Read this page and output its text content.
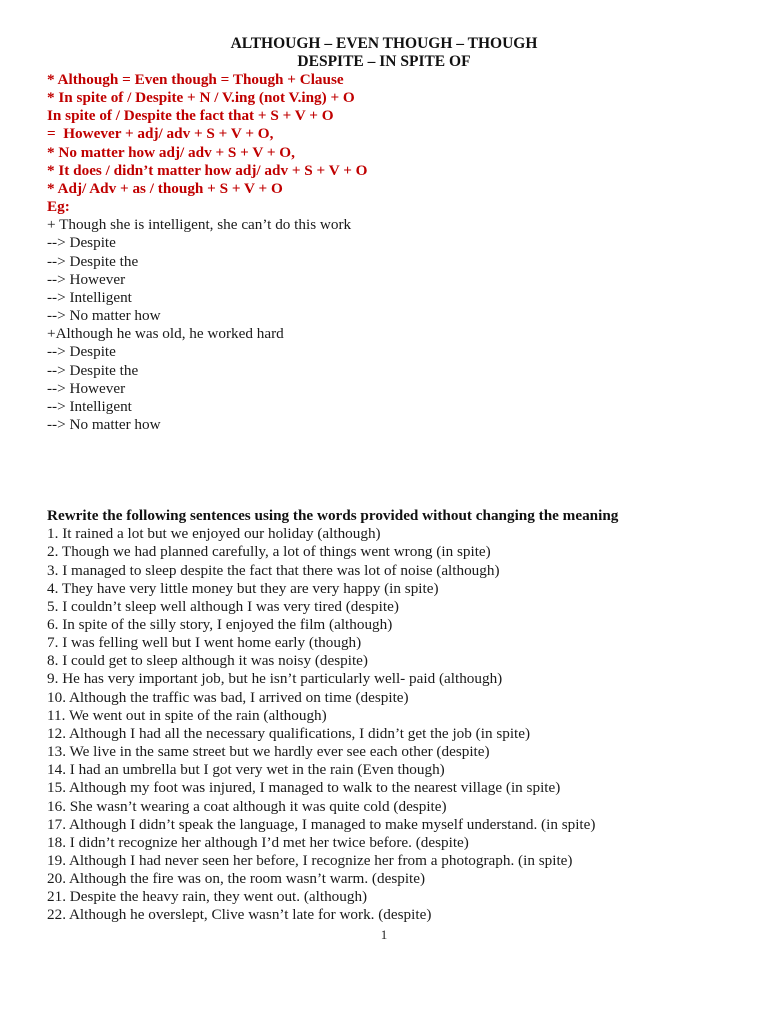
ALTHOUGH – EVEN THOUGH – THOUGH
DESPITE – IN SPITE OF
* Although = Even though = Though + Clause
* In spite of / Despite + N / V.ing (not V.ing) + O
In spite of / Despite the fact that + S + V + O
=  However + adj/ adv + S + V + O,
* No matter how adj/ adv + S + V + O,
* It does / didn’t matter how adj/ adv + S + V + O
* Adj/ Adv + as / though + S + V + O
Eg:
+ Though she is intelligent, she can’t do this work
--> Despite
--> Despite the
--> However
--> Intelligent
--> No matter how
+Although he was old, he worked hard
--> Despite
--> Despite the
--> However
--> Intelligent
--> No matter how
Rewrite the following sentences using the words provided without changing the meaning
1. It rained a lot but we enjoyed our holiday (although)
2. Though we had planned carefully, a lot of things went wrong (in spite)
3. I managed to sleep despite the fact that there was lot of noise (although)
4. They have very little money but they are very happy (in spite)
5. I couldn’t sleep well although I was very tired (despite)
6. In spite of the silly story, I enjoyed the film (although)
7. I was felling well but I went home early (though)
8. I could get to sleep although it was noisy (despite)
9. He has very important job, but he isn’t particularly well- paid (although)
10. Although the traffic was bad, I arrived on time (despite)
11. We went out in spite of the rain (although)
12. Although I had all the necessary qualifications, I didn’t get the job (in spite)
13. We live in the same street but we hardly ever see each other (despite)
14. I had an umbrella but I got very wet in the rain (Even though)
15. Although my foot was injured, I managed to walk to the nearest village (in spite)
16. She wasn’t wearing a coat although it was quite cold (despite)
17. Although I didn’t speak the language, I managed to make myself understand. (in spite)
18. I didn’t recognize her although I’d met her twice before. (despite)
19. Although I had never seen her before, I recognize her from a photograph. (in spite)
20. Although the fire was on, the room wasn’t warm. (despite)
21. Despite the heavy rain, they went out. (although)
22. Although he overslept, Clive wasn’t late for work. (despite)
1
